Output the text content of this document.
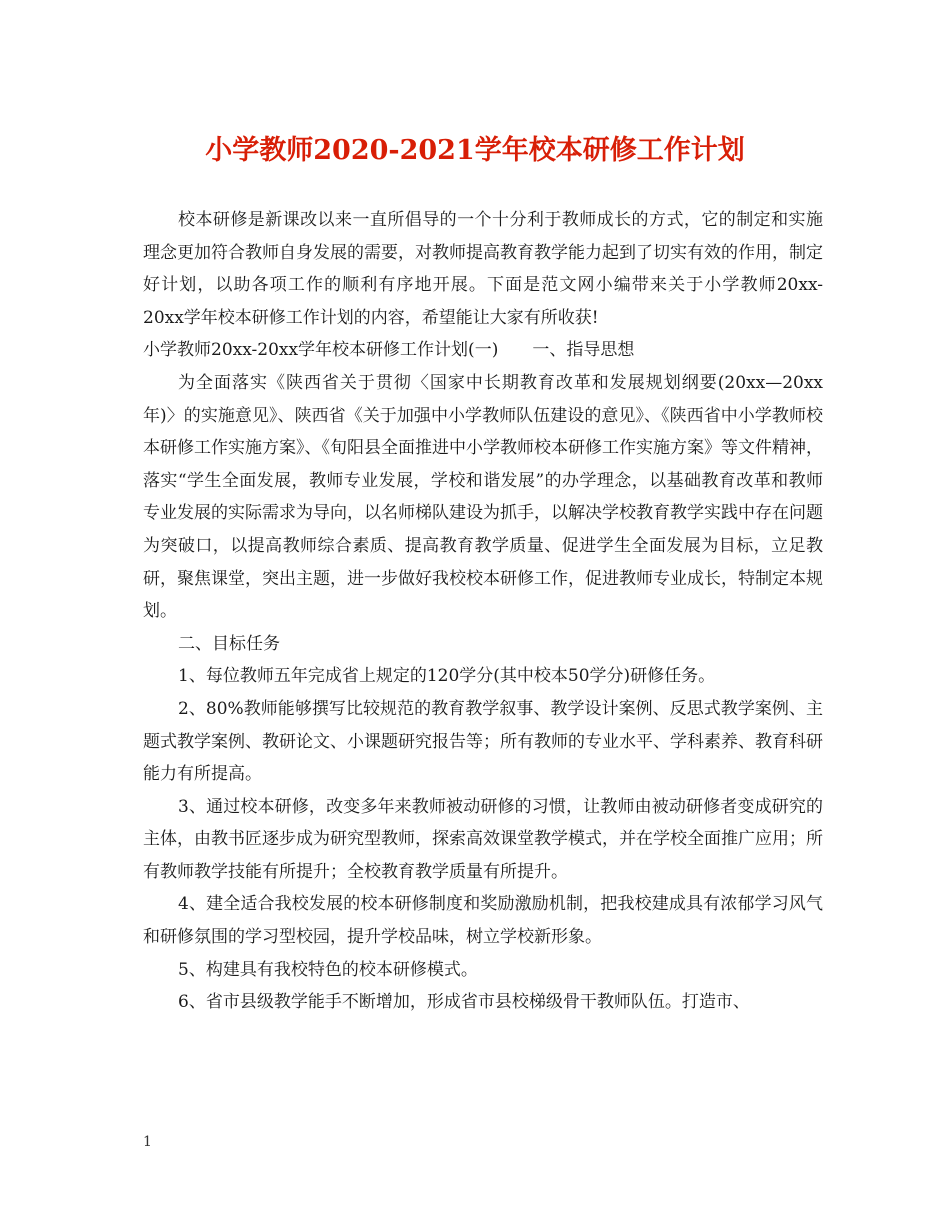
小学教师2020-2021学年校本研修工作计划

校本研修是新课改以来一直所倡导的一个十分利于教师成长的方式，它的制定和实施理念更加符合教师自身发展的需要，对教师提高教育教学能力起到了切实有效的作用，制定好计划，以助各项工作的顺利有序地开展。下面是范文网小编带来关于小学教师20xx-20xx学年校本研修工作计划的内容，希望能让大家有所收获!

小学教师20xx-20xx学年校本研修工作计划(一)　　一、指导思想

为全面落实《陕西省关于贯彻〈国家中长期教育改革和发展规划纲要(20xx—20xx年)〉的实施意见》、陕西省《关于加强中小学教师队伍建设的意见》、《陕西省中小学教师校本研修工作实施方案》、《旬阳县全面推进中小学教师校本研修工作实施方案》等文件精神，落实“学生全面发展，教师专业发展，学校和谐发展”的办学理念，以基础教育改革和教师专业发展的实际需求为导向，以名师梯队建设为抓手，以解决学校教育教学实践中存在问题为突破口，以提高教师综合素质、提高教育教学质量、促进学生全面发展为目标，立足教研，聚焦课堂，突出主题，进一步做好我校校本研修工作，促进教师专业成长，特制定本规划。

二、目标任务

1、每位教师五年完成省上规定的120学分(其中校本50学分)研修任务。

2、80%教师能够撰写比较规范的教育教学叙事、教学设计案例、反思式教学案例、主题式教学案例、教研论文、小课题研究报告等；所有教师的专业水平、学科素养、教育科研能力有所提高。

3、通过校本研修，改变多年来教师被动研修的习惯，让教师由被动研修者变成研究的主体，由教书匠逐步成为研究型教师，探索高效课堂教学模式，并在学校全面推广应用；所有教师教学技能有所提升；全校教育教学质量有所提升。

4、建全适合我校发展的校本研修制度和奖励激励机制，把我校建成具有浓郁学习风气和研修氛围的学习型校园，提升学校品味，树立学校新形象。

5、构建具有我校特色的校本研修模式。

6、省市县级教学能手不断增加，形成省市县校梯级骨干教师队伍。打造市、

1
